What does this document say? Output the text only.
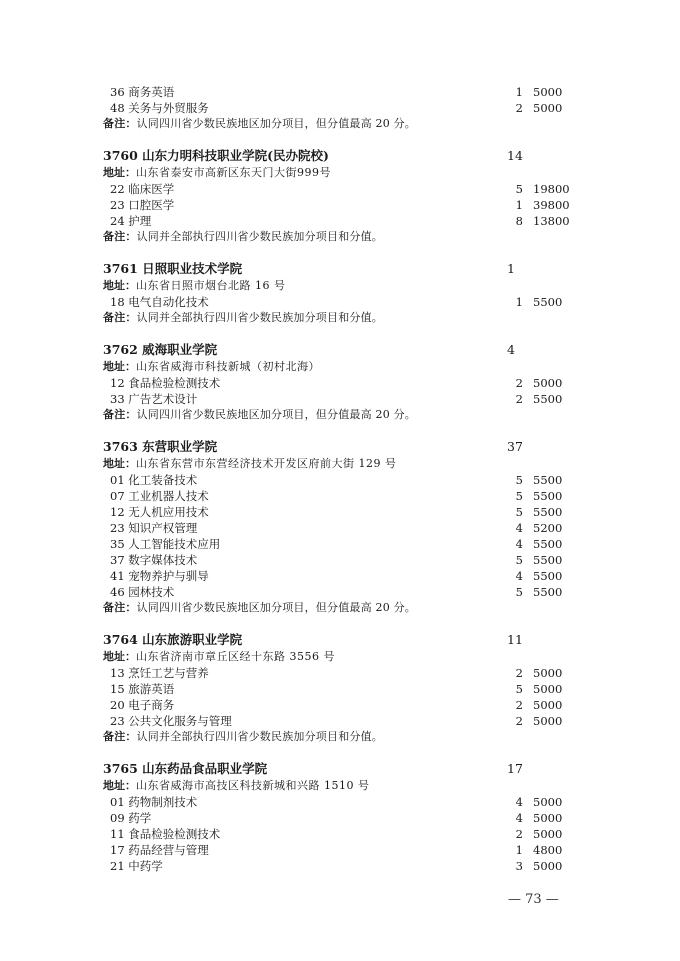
36 商务英语	1 5000
48 关务与外贸服务	2 5000
备注：认同四川省少数民族地区加分项目，但分值最高 20 分。
3760 山东力明科技职业学院(民办院校)	14
地址：山东省泰安市高新区东天门大街999号
22 临床医学	5 19800
23 口腔医学	1 39800
24 护理	8 13800
备注：认同并全部执行四川省少数民族加分项目和分值。
3761 日照职业技术学院	1
地址：山东省日照市烟台北路 16 号
18 电气自动化技术	1 5500
备注：认同并全部执行四川省少数民族加分项目和分值。
3762 威海职业学院	4
地址：山东省威海市科技新城（初村北海）
12 食品检验检测技术	2 5000
33 广告艺术设计	2 5500
备注：认同四川省少数民族地区加分项目，但分值最高 20 分。
3763 东营职业学院	37
地址：山东省东营市东营经济技术开发区府前大街 129 号
01 化工装备技术	5 5500
07 工业机器人技术	5 5500
12 无人机应用技术	5 5500
23 知识产权管理	4 5200
35 人工智能技术应用	4 5500
37 数字媒体技术	5 5500
41 宠物养护与驯导	4 5500
46 园林技术	5 5500
备注：认同四川省少数民族地区加分项目，但分值最高 20 分。
3764 山东旅游职业学院	11
地址：山东省济南市章丘区经十东路 3556 号
13 烹饪工艺与营养	2 5000
15 旅游英语	5 5000
20 电子商务	2 5000
23 公共文化服务与管理	2 5000
备注：认同并全部执行四川省少数民族加分项目和分值。
3765 山东药品食品职业学院	17
地址：山东省威海市高技区科技新城和兴路 1510 号
01 药物制剂技术	4 5000
09 药学	4 5000
11 食品检验检测技术	2 5000
17 药品经营与管理	1 4800
21 中药学	3 5000
— 73 —
